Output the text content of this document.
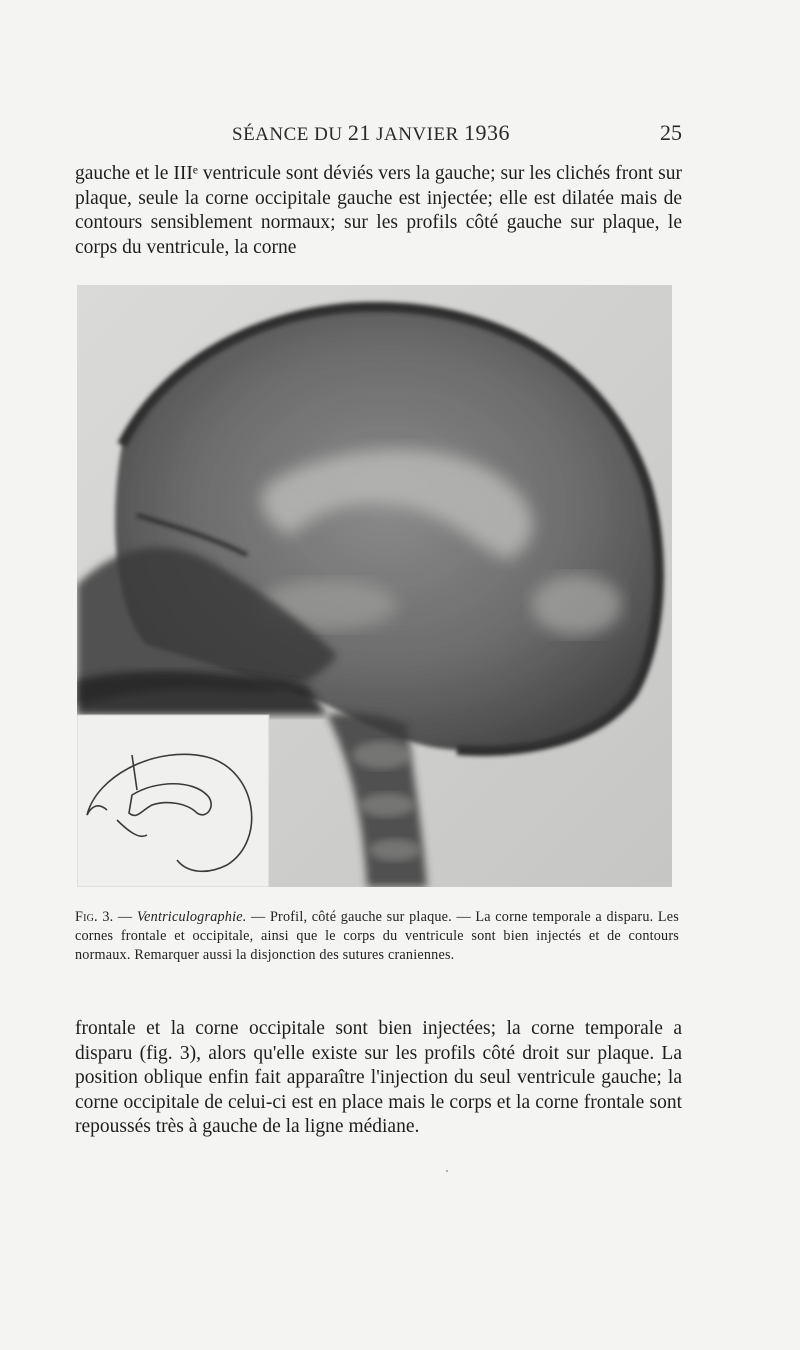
SÉANCE DU 21 JANVIER 1936	25

gauche et le IIIᵉ ventricule sont déviés vers la gauche; sur les clichés front sur plaque, seule la corne occipitale gauche est injectée; elle est dilatée mais de contours sensiblement normaux; sur les profils côté gauche sur plaque, le corps du ventricule, la corne

Fig. 3. — Ventriculographie. — Profil, côté gauche sur plaque. — La corne temporale a disparu. Les cornes frontale et occipitale, ainsi que le corps du ventricule sont bien injectés et de contours normaux. Remarquer aussi la disjonction des sutures craniennes.

frontale et la corne occipitale sont bien injectées; la corne temporale a disparu (fig. 3), alors qu'elle existe sur les profils côté droit sur plaque. La position oblique enfin fait apparaître l'injection du seul ventricule gauche; la corne occipitale de celui-ci est en place mais le corps et la corne frontale sont repoussés très à gauche de la ligne médiane.
